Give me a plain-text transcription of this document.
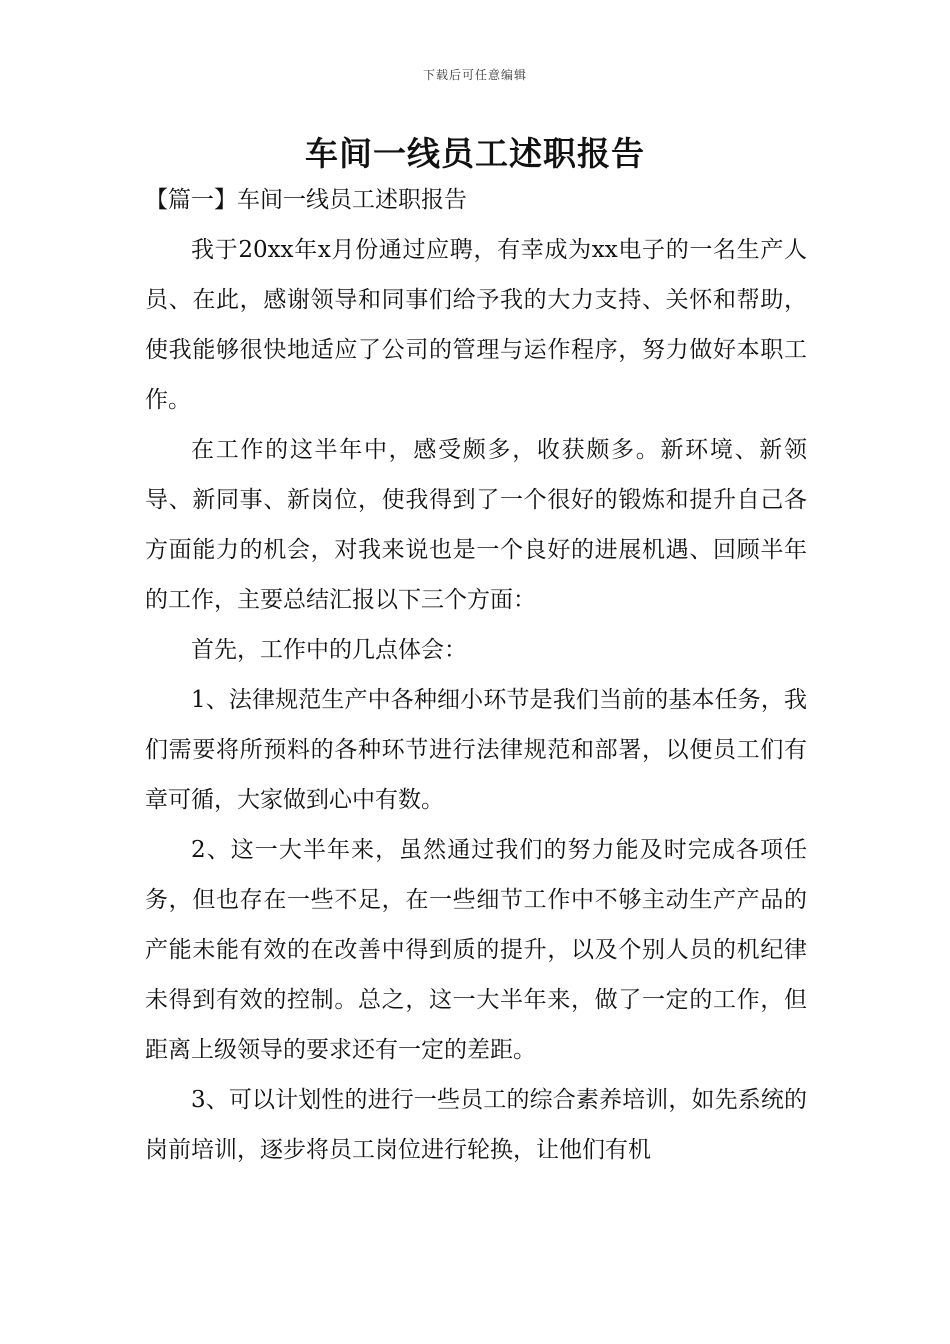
下载后可任意编辑
车间一线员工述职报告

【篇一】车间一线员工述职报告

我于20xx年x月份通过应聘，有幸成为xx电子的一名生产人员、在此，感谢领导和同事们给予我的大力支持、关怀和帮助，使我能够很快地适应了公司的管理与运作程序，努力做好本职工作。

在工作的这半年中，感受颇多，收获颇多。新环境、新领导、新同事、新岗位，使我得到了一个很好的锻炼和提升自己各方面能力的机会，对我来说也是一个良好的进展机遇、回顾半年的工作，主要总结汇报以下三个方面：

首先，工作中的几点体会：

1、法律规范生产中各种细小环节是我们当前的基本任务，我们需要将所预料的各种环节进行法律规范和部署，以便员工们有章可循，大家做到心中有数。

2、这一大半年来，虽然通过我们的努力能及时完成各项任务，但也存在一些不足，在一些细节工作中不够主动生产产品的产能未能有效的在改善中得到质的提升，以及个别人员的机纪律未得到有效的控制。总之，这一大半年来，做了一定的工作，但距离上级领导的要求还有一定的差距。

3、可以计划性的进行一些员工的综合素养培训，如先系统的岗前培训，逐步将员工岗位进行轮换，让他们有机
